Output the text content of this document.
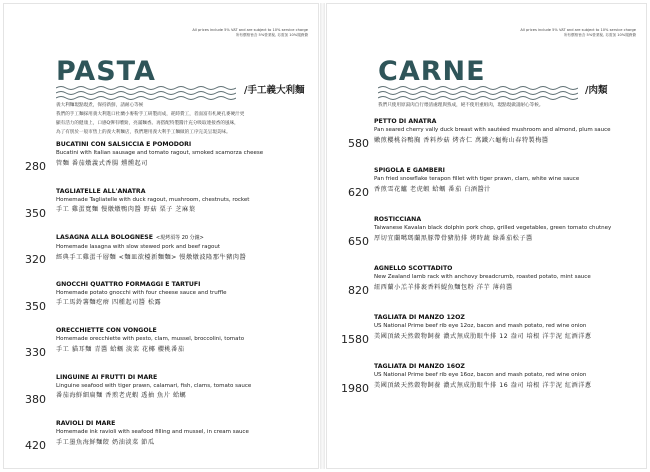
All prices include 5% VAT and are subject to 10% service charge
所有價格皆含 5%營業稅, 另需加 10%服務費
PASTA
/手工義大利麵
義大利麵現點現煮，保持新鮮，請耐心等候
我們的手工麵採用義大利進口杜蘭小麥粉手工研製而成，耗時費工，者面富有札硬孔麥硬汁更
顯有活力的健康上，口感Q彈有嚼勁，亮滿麵香。再搭配特製醬汁充分吸取連接香的風味，
為了有別於一般市售上的義大利麵店，我們選用義大利手工麵做的工序完美呈現美味。
280
BUCATINI CON SALSICCIA E POMODORI
Bucatini with Italian sausage and tomato ragout, smoked scamorza cheese
管麵 番茄燉義式香腸 燻燻起司
350
TAGLIATELLE ALL'ANATRA
Homemade Tagliatelle with duck ragout, mushroom, chestnuts, rocket
手工 雞蛋寬麵 慢燉燉鴨肉醬 野菇 栗子 芝麻葉
320
LASAGNA ALLA BOLOGNESE <現烤須等 20 分鐘>
Homemade lasagna with slow stewed pork and beef ragout
經典手工雞蛋千層麵 <麵皿欲檯新麵麵> 慢燉燉波隆那牛豬肉醬
350
GNOCCHI QUATTRO FORMAGGI E TARTUFI
Homemade potato gnocchi with four cheese sauce and truffle
手工馬鈴薯麵疙瘩 四種起司醬 松露
330
ORECCHIETTE CON VONGOLE
Homemade orecchiette with pesto, clam, mussel, broccolini, tomato
手工 貓耳麵 青醬 蛤蠣 淡菜 花椰 櫻桃番茄
380
LINGUINE AI FRUTTI DI MARE
Linguine seafood with tiger prawn, calamari, fish, clams, tomato sauce
番茄海鮮細扁麵 香煎老虎蝦 透抽 魚片 蛤蠣
420
RAVIOLI DI MARE
Homemade ink ravioli with seafood filling and mussel, in cream sauce
手工墨魚海鮮麵餃 奶油淡菜 節瓜
All prices include 5% VAT and are subject to 10% service charge
所有價格皆含 5%營業稅, 另需加 10%服務費
CARNE
/肉類
我們只使用原湯肉自行煨清處理與熟成，絕不使用重組肉，現點現做請耐心等候。
580
PETTO DI ANATRA
Pan seared cherry vally duck breast with sautéed mushroom and almond, plum sauce
嫩煎櫻桃谷鴨胸 香料炒菇 烤杏仁 萬鐵六龜梅山春特製梅醬
620
SPIGOLA E GAMBERI
Pan fried snowflake terapon fillet with tiger prawn, clam, white wine sauce
香煎雪花鱸 老虎蝦 蛤蠣 番茄 白酒醬汁
650
ROSTICCIANA
Taiwanese Kavalan black dolphin pork chop, grilled vegetables, green tomato chutney
厚切宜蘭噶瑪蘭黑豚帶骨豬肋排 烤時蔬 綠番茄松子醬
820
AGNELLO SCOTTADITO
New Zealand lamb rack with anchovy breadcrumb, roasted potato, mint sauce
紐西蘭小羔羊排裹香料鯷魚麵包粉 洋芋 薄荷醬
1580
TAGLIATA DI MANZO 12OZ
US National Prime beef rib eye 12oz, bacon and mash potato, red wine onion
美國頂級天然穀物飼養 濃式無成肋眼牛排 12 盎司 培根 洋芋泥 紅酒洋蔥
1980
TAGLIATA DI MANZO 16OZ
US National Prime beef rib eye 16oz, bacon and mash potato, red wine onion
美國頂級天然穀物飼養 濃式無成肋眼牛排 16 盎司 培根 洋芋泥 紅酒洋蔥
